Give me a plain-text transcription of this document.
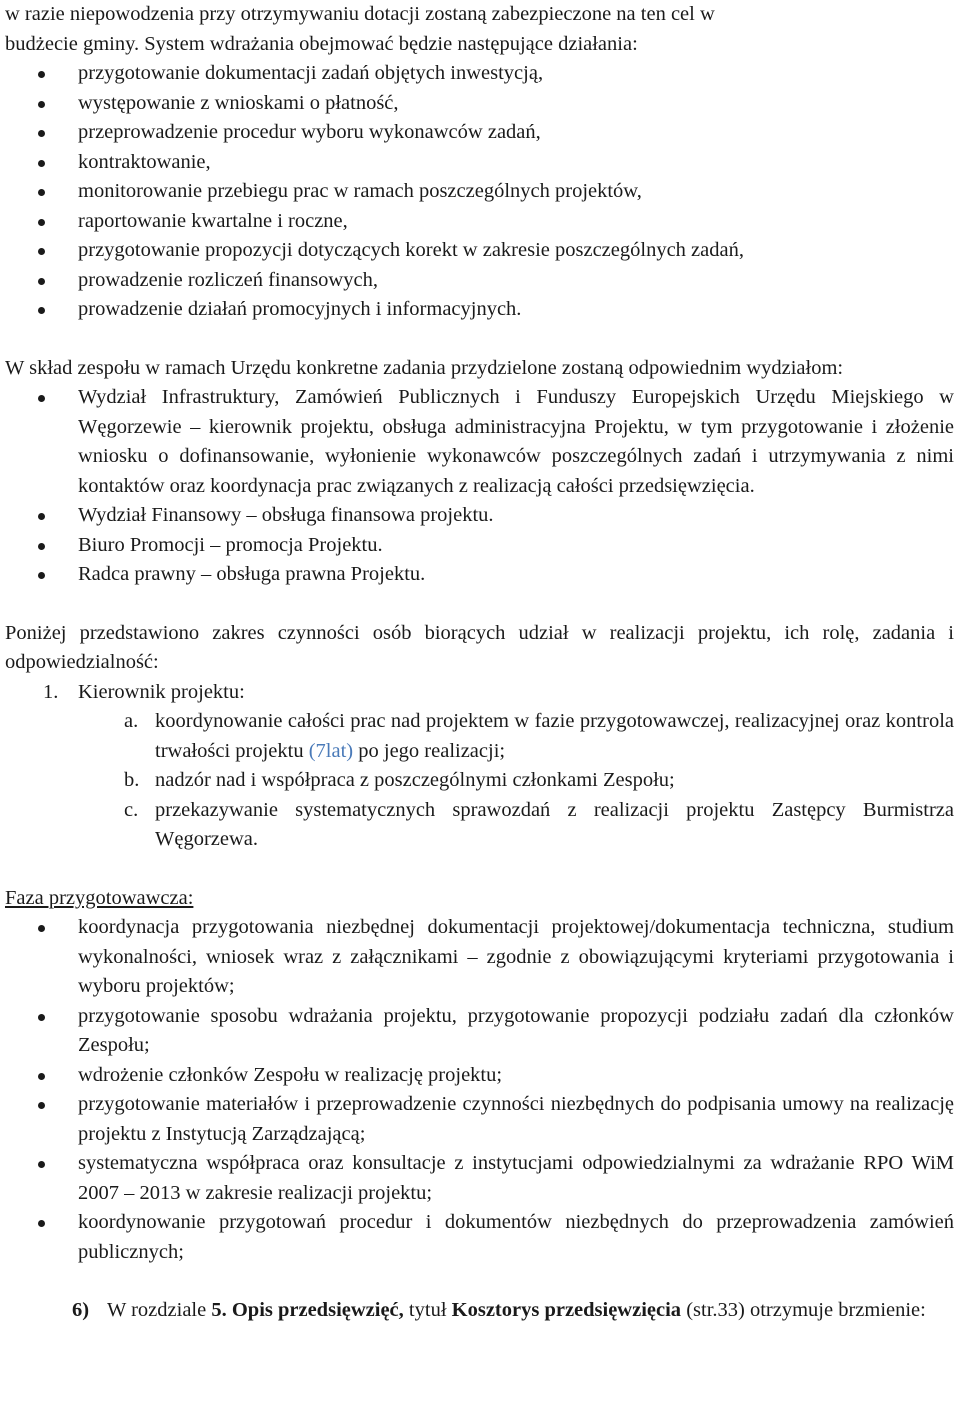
w razie niepowodzenia przy otrzymywaniu dotacji zostaną zabezpieczone na ten cel w

budżecie gminy. System wdrażania obejmować będzie następujące działania:

przygotowanie dokumentacji zadań objętych inwestycją,
występowanie z wnioskami o płatność,
przeprowadzenie procedur wyboru wykonawców zadań,
kontraktowanie,
monitorowanie przebiegu prac w ramach poszczególnych projektów,
raportowanie kwartalne i roczne,
przygotowanie propozycji dotyczących korekt w zakresie poszczególnych zadań,
prowadzenie rozliczeń finansowych,
prowadzenie działań promocyjnych i informacyjnych.

W skład zespołu w ramach Urzędu konkretne zadania przydzielone zostaną odpowiednim wydziałom:

Wydział Infrastruktury, Zamówień Publicznych i Funduszy Europejskich Urzędu Miejskiego w Węgorzewie – kierownik projektu, obsługa administracyjna Projektu, w tym przygotowanie i złożenie wniosku o dofinansowanie, wyłonienie wykonawców poszczególnych zadań i utrzymywania z nimi kontaktów oraz koordynacja prac związanych z realizacją całości przedsięwzięcia.
Wydział Finansowy – obsługa finansowa projektu.
Biuro Promocji – promocja Projektu.
Radca prawny – obsługa prawna Projektu.

Poniżej przedstawiono zakres czynności osób biorących udział w realizacji projektu, ich rolę, zadania i odpowiedzialność:

1. Kierownik projektu:
a. koordynowanie całości prac nad projektem w fazie przygotowawczej, realizacyjnej oraz kontrola trwałości projektu (7lat) po jego realizacji;
b. nadzór nad i współpraca z poszczególnymi członkami Zespołu;
c. przekazywanie systematycznych sprawozdań z realizacji projektu Zastępcy Burmistrza Węgorzewa.

Faza przygotowawcza:

koordynacja przygotowania niezbędnej dokumentacji projektowej/dokumentacja techniczna, studium wykonalności, wniosek wraz z załącznikami – zgodnie z obowiązującymi kryteriami przygotowania i wyboru projektów;
przygotowanie sposobu wdrażania projektu, przygotowanie propozycji podziału zadań dla członków Zespołu;
wdrożenie członków Zespołu w realizację projektu;
przygotowanie materiałów i przeprowadzenie czynności niezbędnych do podpisania umowy na realizację projektu z Instytucją Zarządzającą;
systematyczna współpraca oraz konsultacje z instytucjami odpowiedzialnymi za wdrażanie RPO WiM 2007 – 2013 w zakresie realizacji projektu;
koordynowanie przygotowań procedur i dokumentów niezbędnych do przeprowadzenia zamówień publicznych;
6) W rozdziale 5. Opis przedsięwzięć, tytuł Kosztorys przedsięwzięcia (str.33) otrzymuje brzmienie:
